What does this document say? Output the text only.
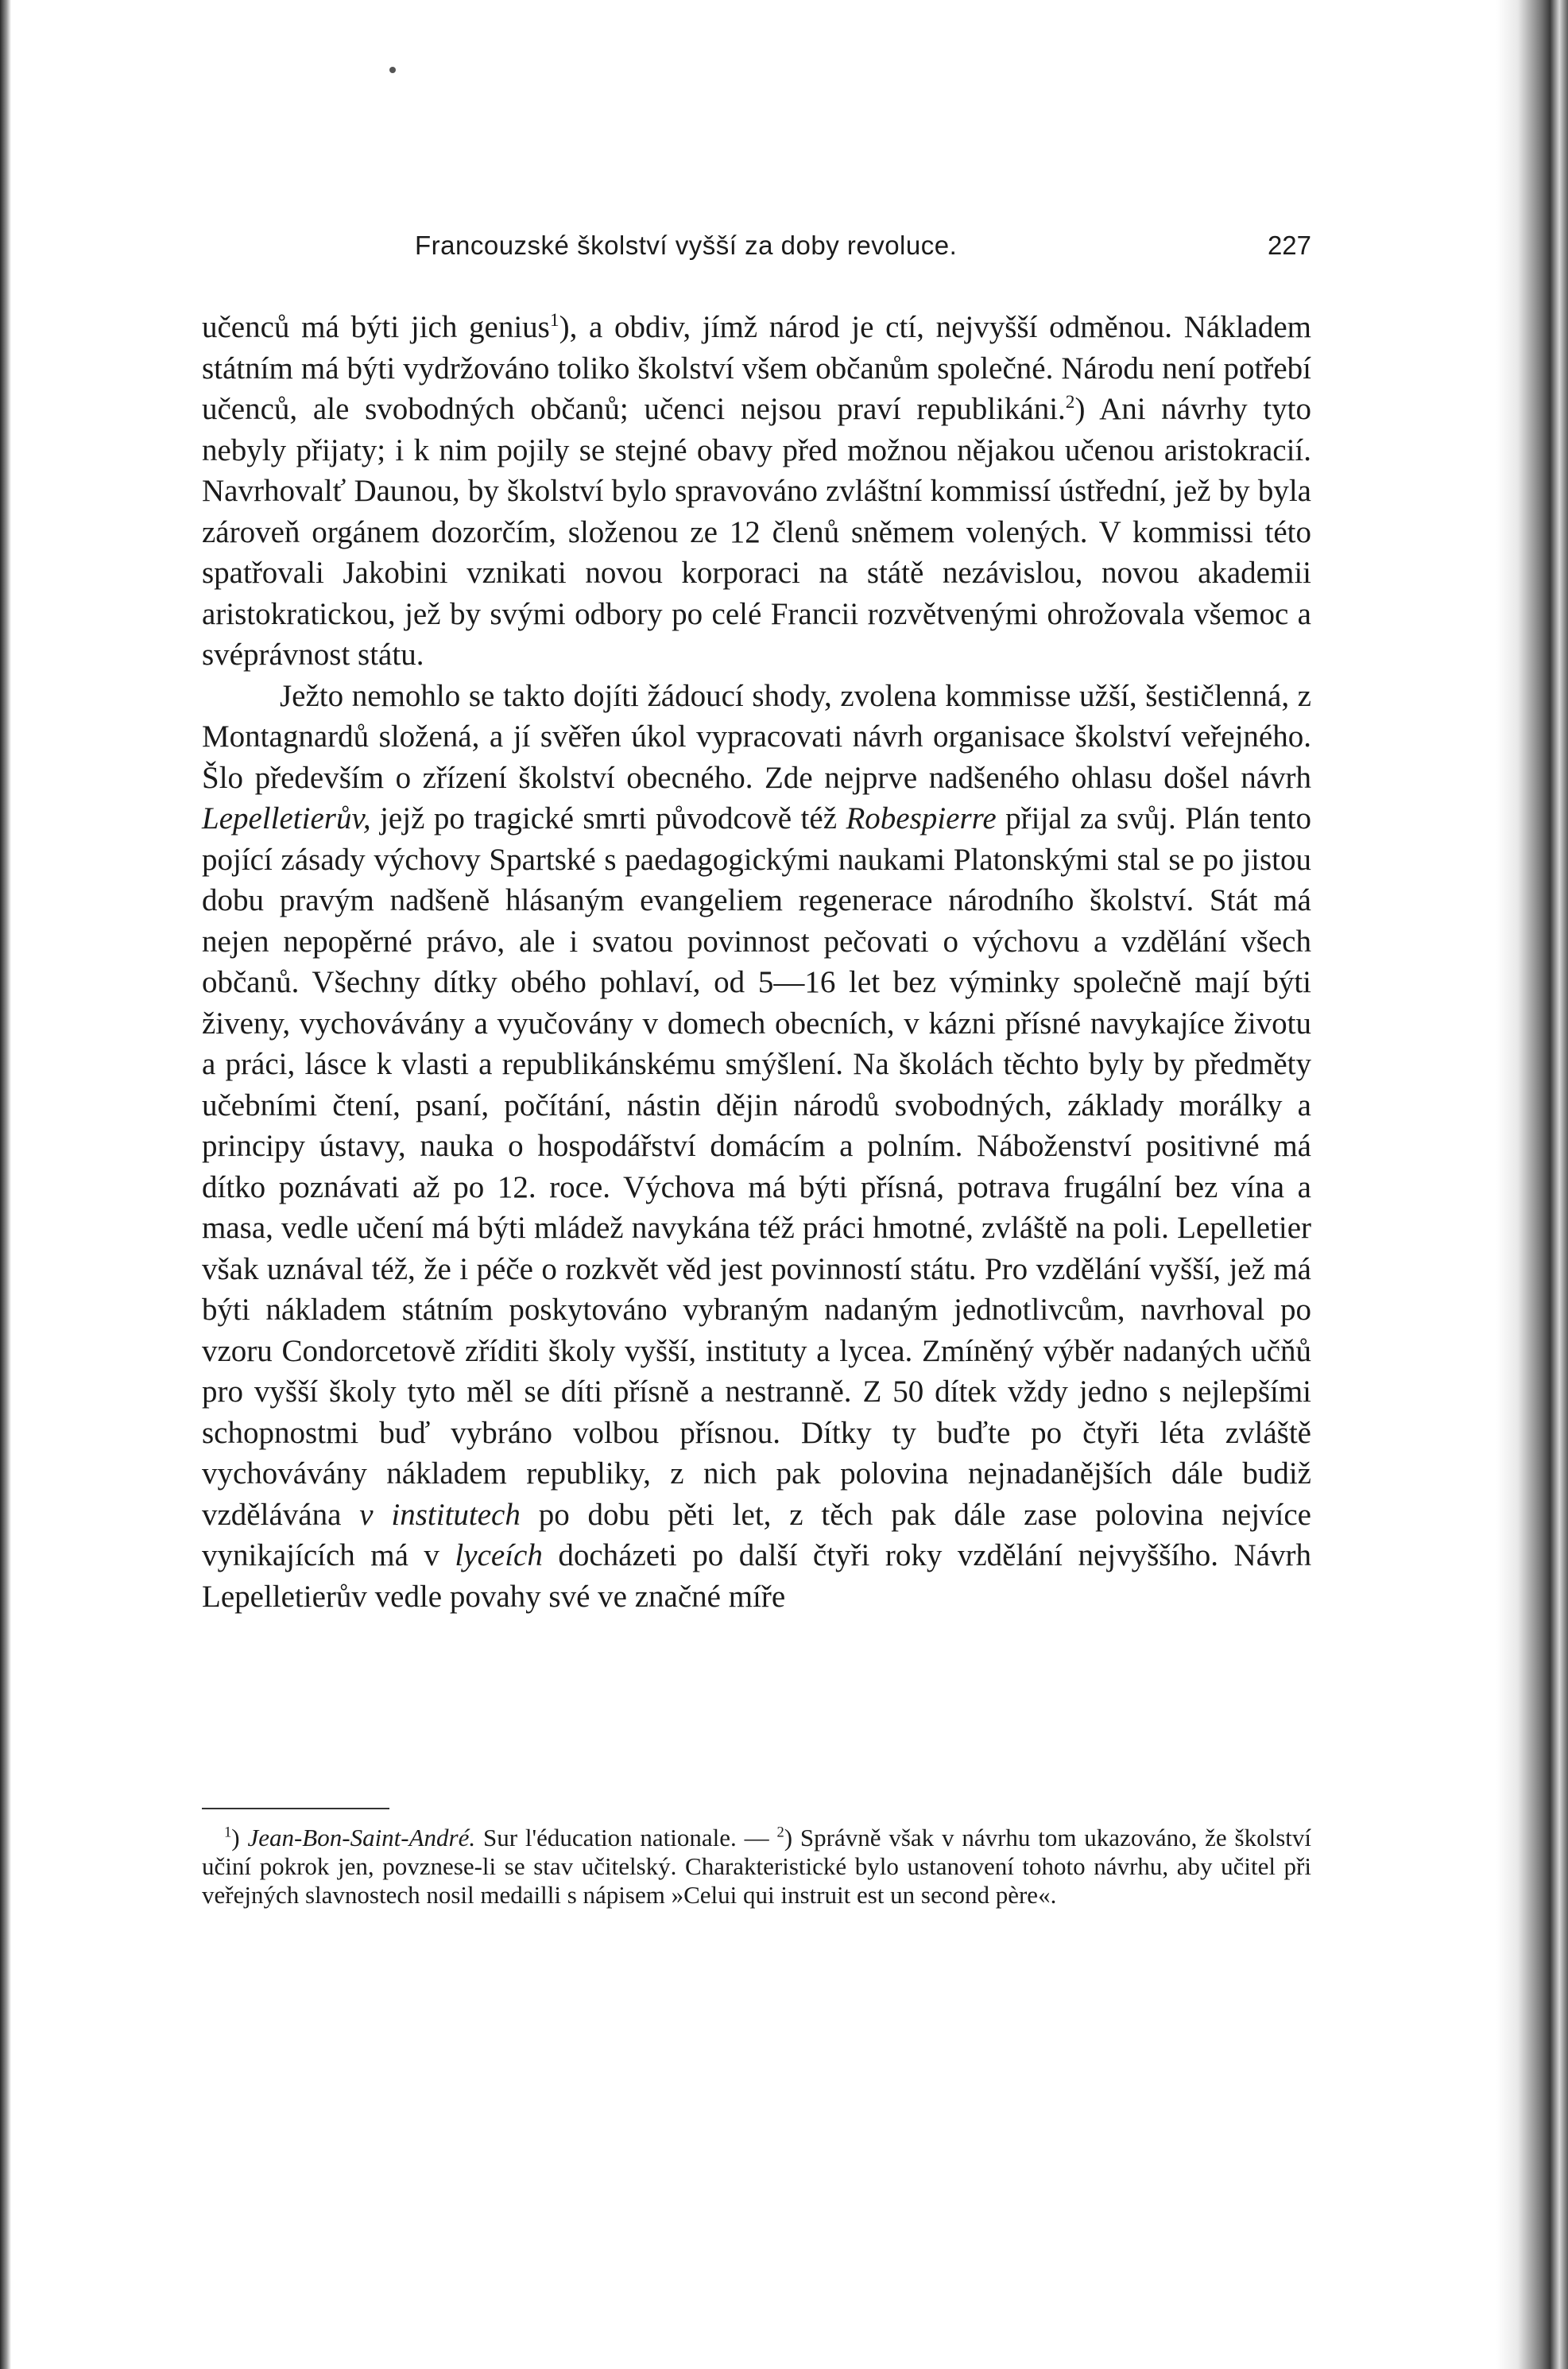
Francouzské školství vyšší za doby revoluce.	227

učenců má býti jich genius$^1$), a obdiv, jímž národ je ctí, nejvyšší odměnou. Nákladem státním má býti vydržováno toliko školství všem občanům společné. Národu není potřebí učenců, ale svobodných občanů; učenci nejsou praví republikáni.$^2$) Ani návrhy tyto nebyly přijaty; i k nim pojily se stejné obavy před možnou nějakou učenou aristokracií. Navrhovalť Daunou, by školství bylo spravováno zvláštní kommissí ústřední, jež by byla zároveň orgánem dozorčím, složenou ze 12 členů sněmem volených. V kommissi této spatřovali Jakobini vznikati novou korporaci na státě nezávislou, novou akademii aristokratickou, jež by svými odbory po celé Francii rozvětvenými ohrožovala všemoc a svéprávnost státu.

Ježto nemohlo se takto dojíti žádoucí shody, zvolena kommisse užší, šestičlenná, z Montagnardů složená, a jí svěřen úkol vypracovati návrh organisace školství veřejného. Šlo především o zřízení školství obecného. Zde nejprve nadšeného ohlasu došel návrh Lepelletierův, jejž po tragické smrti původcově též Robespierre přijal za svůj. Plán tento pojící zásady výchovy Spartské s paedagogickými naukami Platonskými stal se po jistou dobu pravým nadšeně hlásaným evangeliem regenerace národního školství. Stát má nejen nepopěrné právo, ale i svatou povinnost pečovati o výchovu a vzdělání všech občanů. Všechny dítky obého pohlaví, od 5—16 let bez výminky společně mají býti živeny, vychovávány a vyučovány v domech obecních, v kázni přísné navykajíce životu a práci, lásce k vlasti a republikánskému smýšlení. Na školách těchto byly by předměty učebními čtení, psaní, počítání, nástin dějin národů svobodných, základy morálky a principy ústavy, nauka o hospodářství domácím a polním. Náboženství positivné má dítko poznávati až po 12. roce. Výchova má býti přísná, potrava frugální bez vína a masa, vedle učení má býti mládež navykána též práci hmotné, zvláště na poli. Lepelletier však uznával též, že i péče o rozkvět věd jest povinností státu. Pro vzdělání vyšší, jež má býti nákladem státním poskytováno vybraným nadaným jednotlivcům, navrhoval po vzoru Condorcetově zříditi školy vyšší, instituty a lycea. Zmíněný výběr nadaných učňů pro vyšší školy tyto měl se díti přísně a nestranně. Z 50 dítek vždy jedno s nejlepšími schopnostmi buď vybráno volbou přísnou. Dítky ty buďte po čtyři léta zvláště vychovávány nákladem republiky, z nich pak polovina nejnadanějších dále budiž vzdělávána v institutech po dobu pěti let, z těch pak dále zase polovina nejvíce vynikajících má v lyceích docházeti po další čtyři roky vzdělání nejvyššího. Návrh Lepelletierův vedle povahy své ve značné míře

$^1$) Jean-Bon-Saint-André. Sur l'éducation nationale. — $^2$) Správně však v návrhu tom ukazováno, že školství učiní pokrok jen, povznese-li se stav učitelský. Charakteristické bylo ustanovení tohoto návrhu, aby učitel při veřejných slavnostech nosil medailli s nápisem »Celui qui instruit est un second père«.
